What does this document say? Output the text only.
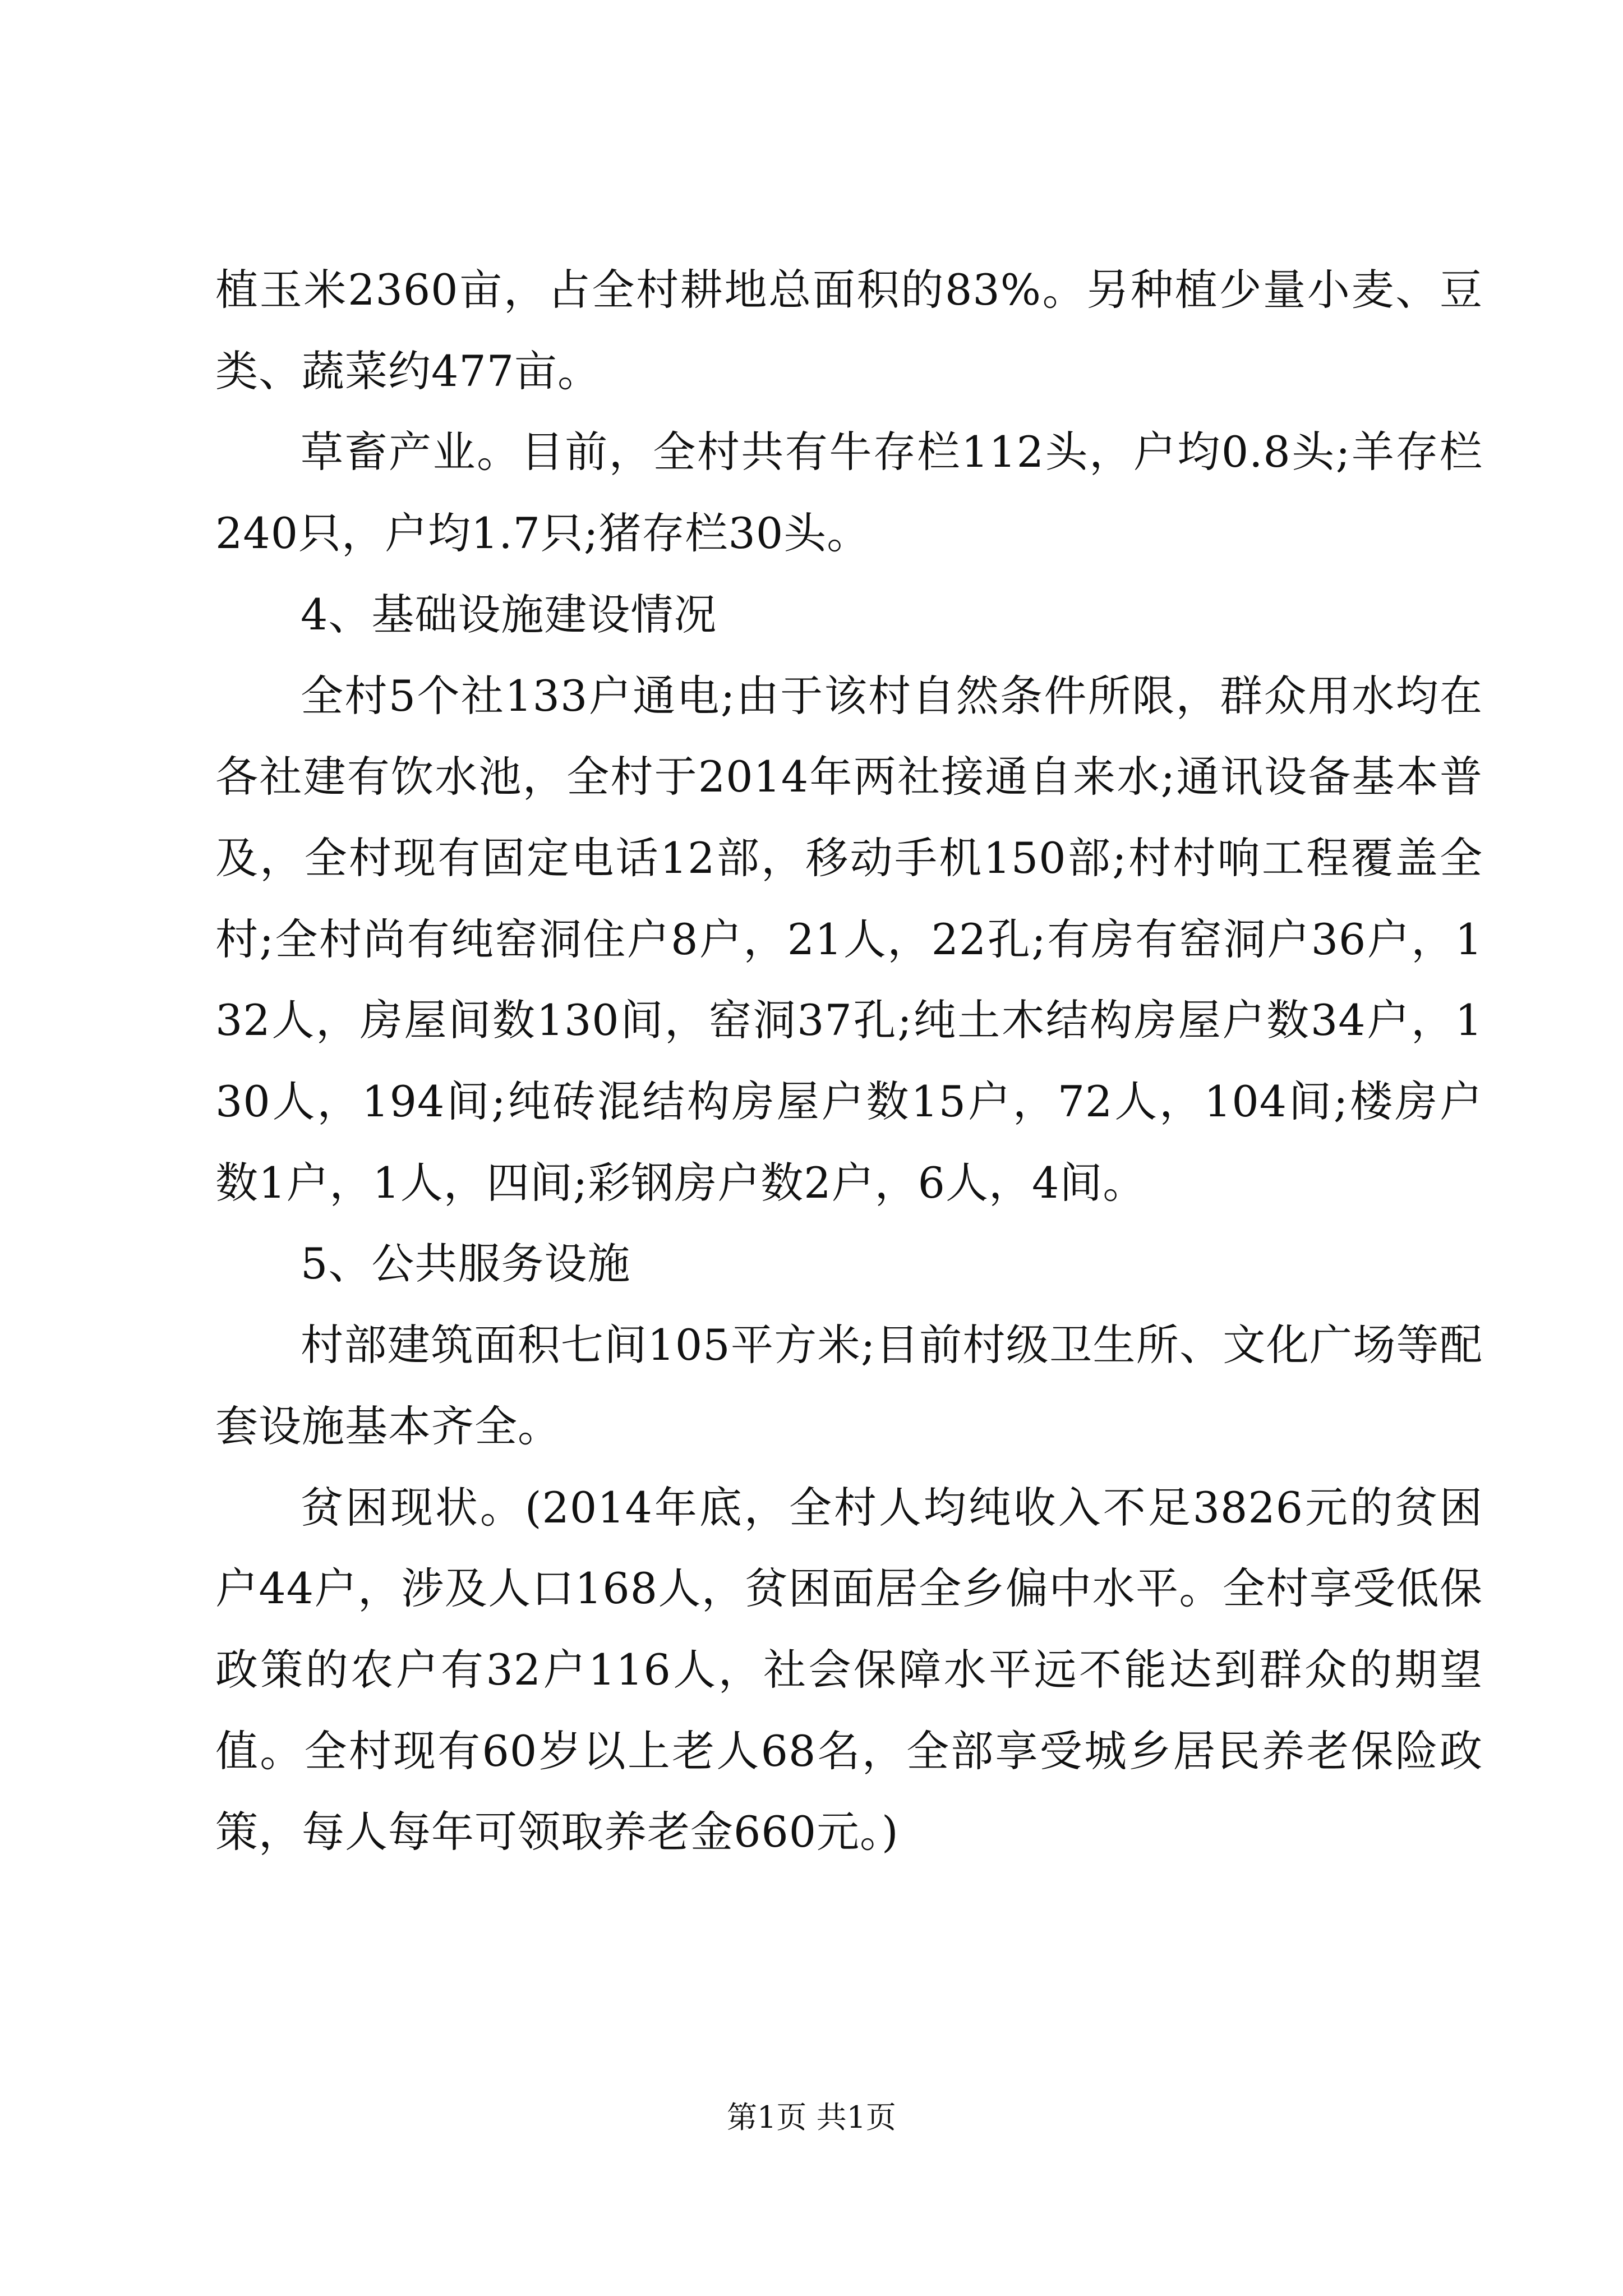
植玉米2360亩，占全村耕地总面积的83%。另种植少量小麦、豆类、蔬菜约477亩。

草畜产业。目前，全村共有牛存栏112头，户均0.8头;羊存栏240只，户均1.7只;猪存栏30头。

4、基础设施建设情况

全村5个社133户通电;由于该村自然条件所限，群众用水均在各社建有饮水池，全村于2014年两社接通自来水;通讯设备基本普及，全村现有固定电话12部，移动手机150部;村村响工程覆盖全村;全村尚有纯窑洞住户8户，21人，22孔;有房有窑洞户36户，132人，房屋间数130间，窑洞37孔;纯土木结构房屋户数34户，130人，194间;纯砖混结构房屋户数15户，72人，104间;楼房户数1户，1人，四间;彩钢房户数2户，6人，4间。

5、公共服务设施

村部建筑面积七间105平方米;目前村级卫生所、文化广场等配套设施基本齐全。

贫困现状。(2014年底，全村人均纯收入不足3826元的贫困户44户，涉及人口168人，贫困面居全乡偏中水平。全村享受低保政策的农户有32户116人，社会保障水平远不能达到群众的期望值。全村现有60岁以上老人68名，全部享受城乡居民养老保险政策，每人每年可领取养老金660元。)

第1页 共1页
